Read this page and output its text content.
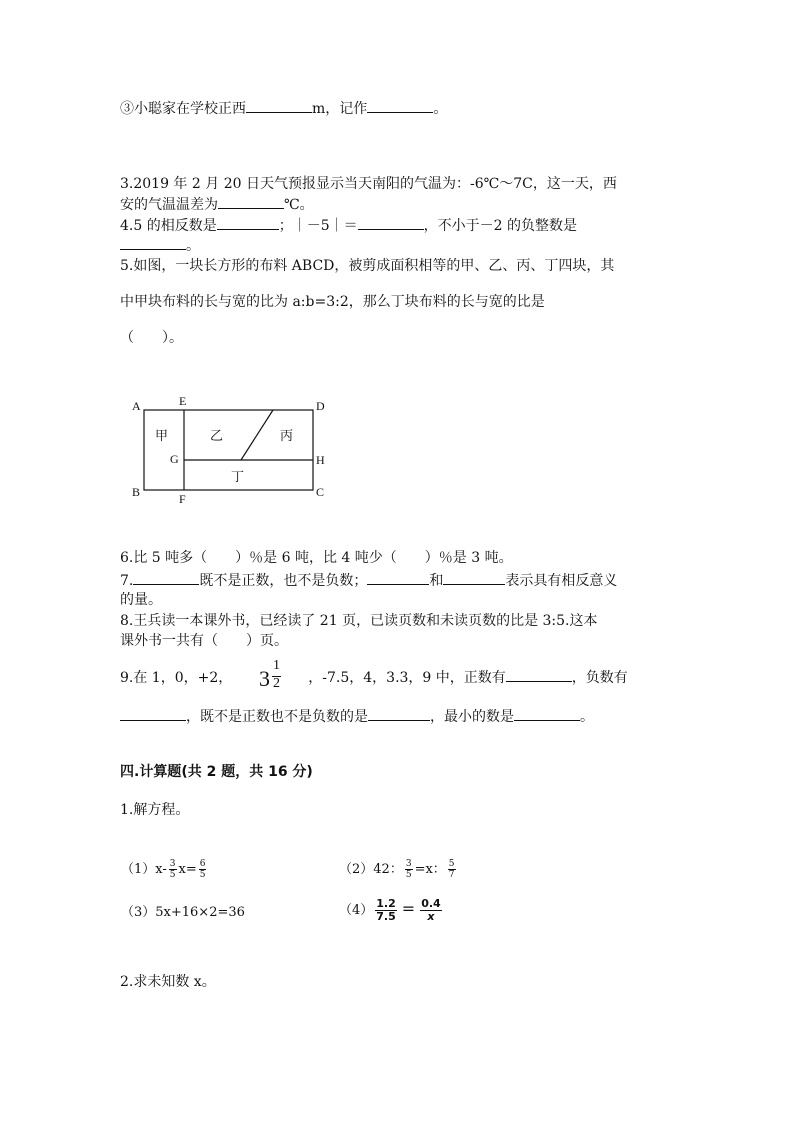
③小聪家在学校正西	m，记作	。
3.2019 年 2 月 20 日天气预报显示当天南阳的气温为：-6℃～7C，这一天，西
安的气温温差为	℃。
4.5 的相反数是	；｜－5｜＝	，不小于－2 的负整数是
。
5.如图，一块长方形的布料 ABCD，被剪成面积相等的甲、乙、丙、丁四块，其
中甲块布料的长与宽的比为 a:b=3:2，那么丁块布料的长与宽的比是
（　　）。
A	E	D
G	H
B	F	C
甲	乙	丙
丁
6.比 5 吨多（　　）％是 6 吨，比 4 吨少（　　）％是 3 吨。
7.	既不是正数，也不是负数；	和	表示具有相反意义
的量。
8.王兵读一本课外书，已经读了 21 页，已读页数和未读页数的比是 3:5.这本
课外书一共有（　　）页。
9.在 1，0，+2，	，-7.5，4，3.3，9 中，正数有	，负数有
3
1
2
，既不是正数也不是负数的是	，最小的数是	。
四.计算题(共 2 题，共 16 分)
1.解方程。
$(1)x- \frac{3}{5} x= \frac{6}{5}$	（2）42： $\frac{3}{5} =x$： $\frac{5}{7}$
（3）5x+16×2=36	$(4) \frac{1.2}{7.5} = \frac{0.4}{x}$
2.求未知数 x。
